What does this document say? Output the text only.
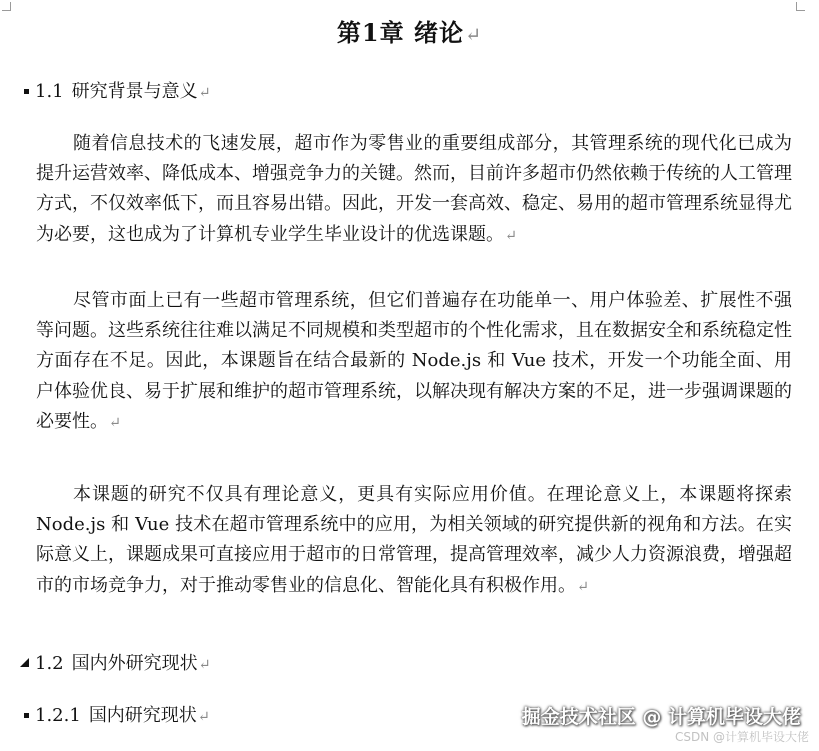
第1章 绪论↵
1.1 研究背景与意义↵
随着信息技术的飞速发展，超市作为零售业的重要组成部分，其管理系统的现代化已成为提升运营效率、降低成本、增强竞争力的关键。然而，目前许多超市仍然依赖于传统的人工管理方式，不仅效率低下，而且容易出错。因此，开发一套高效、稳定、易用的超市管理系统显得尤为必要，这也成为了计算机专业学生毕业设计的优选课题。↵
尽管市面上已有一些超市管理系统，但它们普遍存在功能单一、用户体验差、扩展性不强等问题。这些系统往往难以满足不同规模和类型超市的个性化需求，且在数据安全和系统稳定性方面存在不足。因此，本课题旨在结合最新的 Node.js 和 Vue 技术，开发一个功能全面、用户体验优良、易于扩展和维护的超市管理系统，以解决现有解决方案的不足，进一步强调课题的必要性。↵
本课题的研究不仅具有理论意义，更具有实际应用价值。在理论意义上，本课题将探索 Node.js 和 Vue 技术在超市管理系统中的应用，为相关领域的研究提供新的视角和方法。在实际意义上，课题成果可直接应用于超市的日常管理，提高管理效率，减少人力资源浪费，增强超市的市场竞争力，对于推动零售业的信息化、智能化具有积极作用。↵
1.2 国内外研究现状↵
1.2.1 国内研究现状↵	掘金技术社区 @ 计算机毕设大佬
CSDN @计算机毕设大佬
